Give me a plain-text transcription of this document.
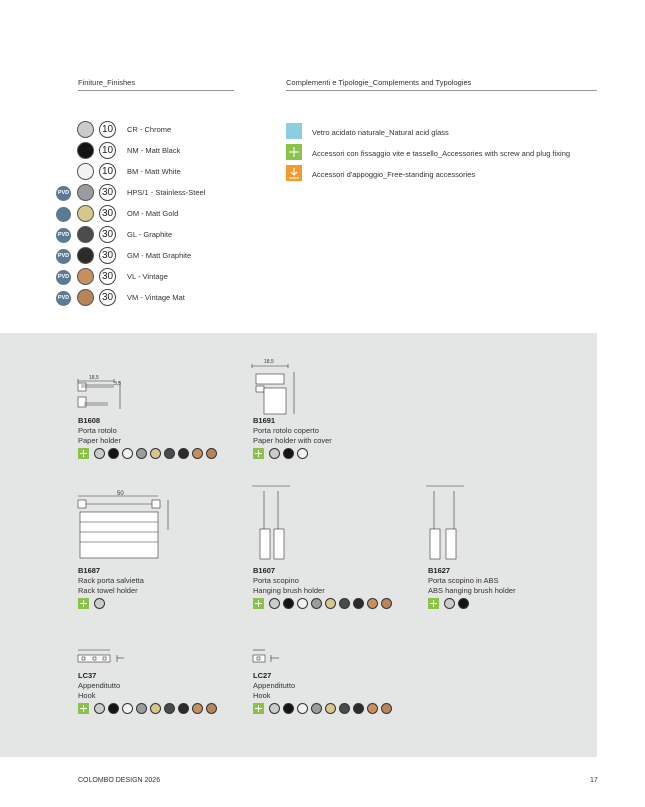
Finiture_Finishes	Complementi e Tipologie_Complements and Typologies
10	CR - Chrome
10	NM - Matt Black
10	BM - Matt White
PVD	30	HPS/1 - Stainless-Steel
30	OM - Matt Gold
PVD	30	GL - Graphite
PVD	30	GM - Matt Graphite
PVD	30	VL - Vintage
PVD	30	VM - Vintage Mat
Vetro acidato naturale_Natural acid glass
Accessori con fissaggio vite e tassello_Accessories with screw and plug fixing
Accessori d'appoggio_Free-standing accessories
18,5
3,5
18,5
50
B1608
Porta rotolo
Paper holder
B1691
Porta rotolo coperto
Paper holder with cover
B1687
Rack porta salvietta
Rack towel holder
B1607
Porta scopino
Hanging brush holder
B1627
Porta scopino in ABS
ABS hanging brush holder
LC37
Appenditutto
Hook
LC27
Appenditutto
Hook
COLOMBO DESIGN 2026	17
